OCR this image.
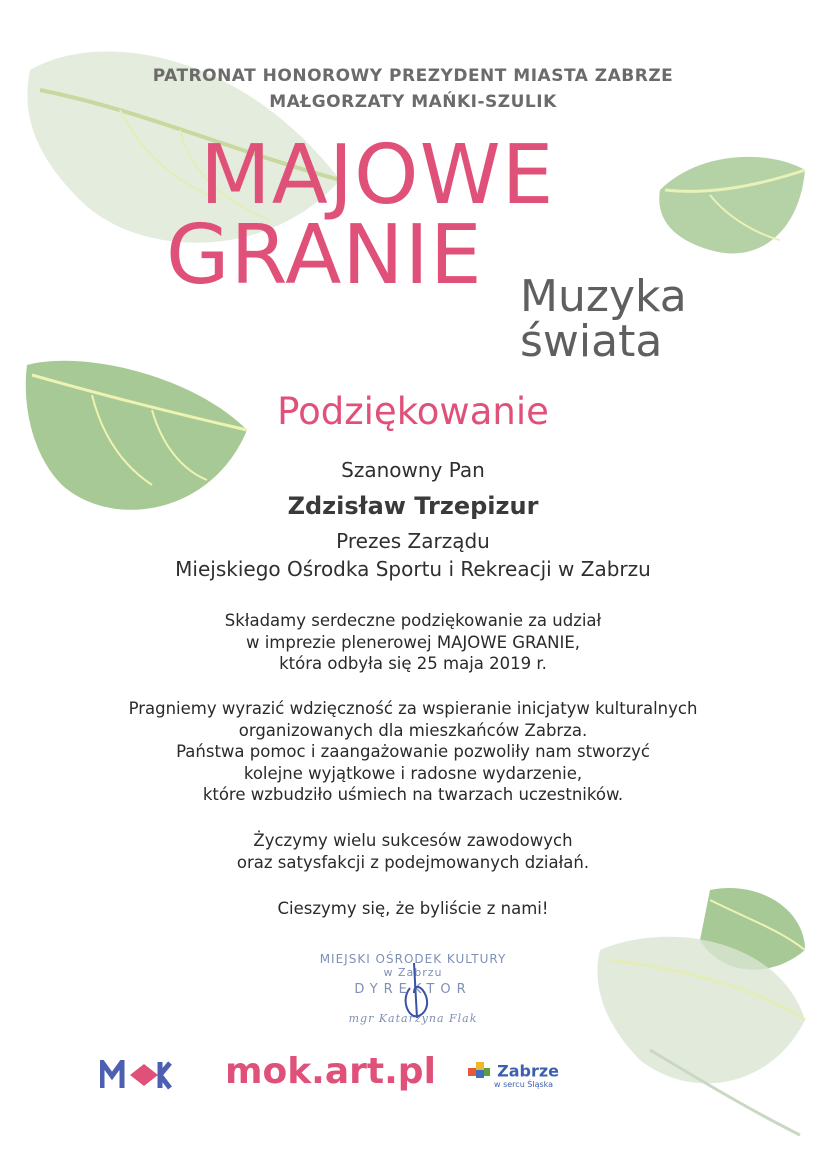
PATRONAT HONOROWY PREZYDENT MIASTA ZABRZE
MAŁGORZATY MAŃKI-SZULIK
MAJOWE
GRANIE Muzyka
świata
Podziękowanie
Szanowny Pan
Zdzisław Trzepizur
Prezes Zarządu
Miejskiego Ośrodka Sportu i Rekreacji w Zabrzu
Składamy serdeczne podziękowanie za udział
w imprezie plenerowej MAJOWE GRANIE,
która odbyła się 25 maja 2019 r.
Pragniemy wyrazić wdzięczność za wspieranie inicjatyw kulturalnych
organizowanych dla mieszkańców Zabrza.
Państwa pomoc i zaangażowanie pozwoliły nam stworzyć
kolejne wyjątkowe i radosne wydarzenie,
które wzbudziło uśmiech na twarzach uczestników.
Życzymy wielu sukcesów zawodowych
oraz satysfakcji z podejmowanych działań.
Cieszymy się, że byliście z nami!
MIEJSKI OŚRODEK KULTURY
w Zabrzu
DYREKTOR
mgr Katarzyna Flak
mok.art.pl	Zabrze
w sercu Śląska
